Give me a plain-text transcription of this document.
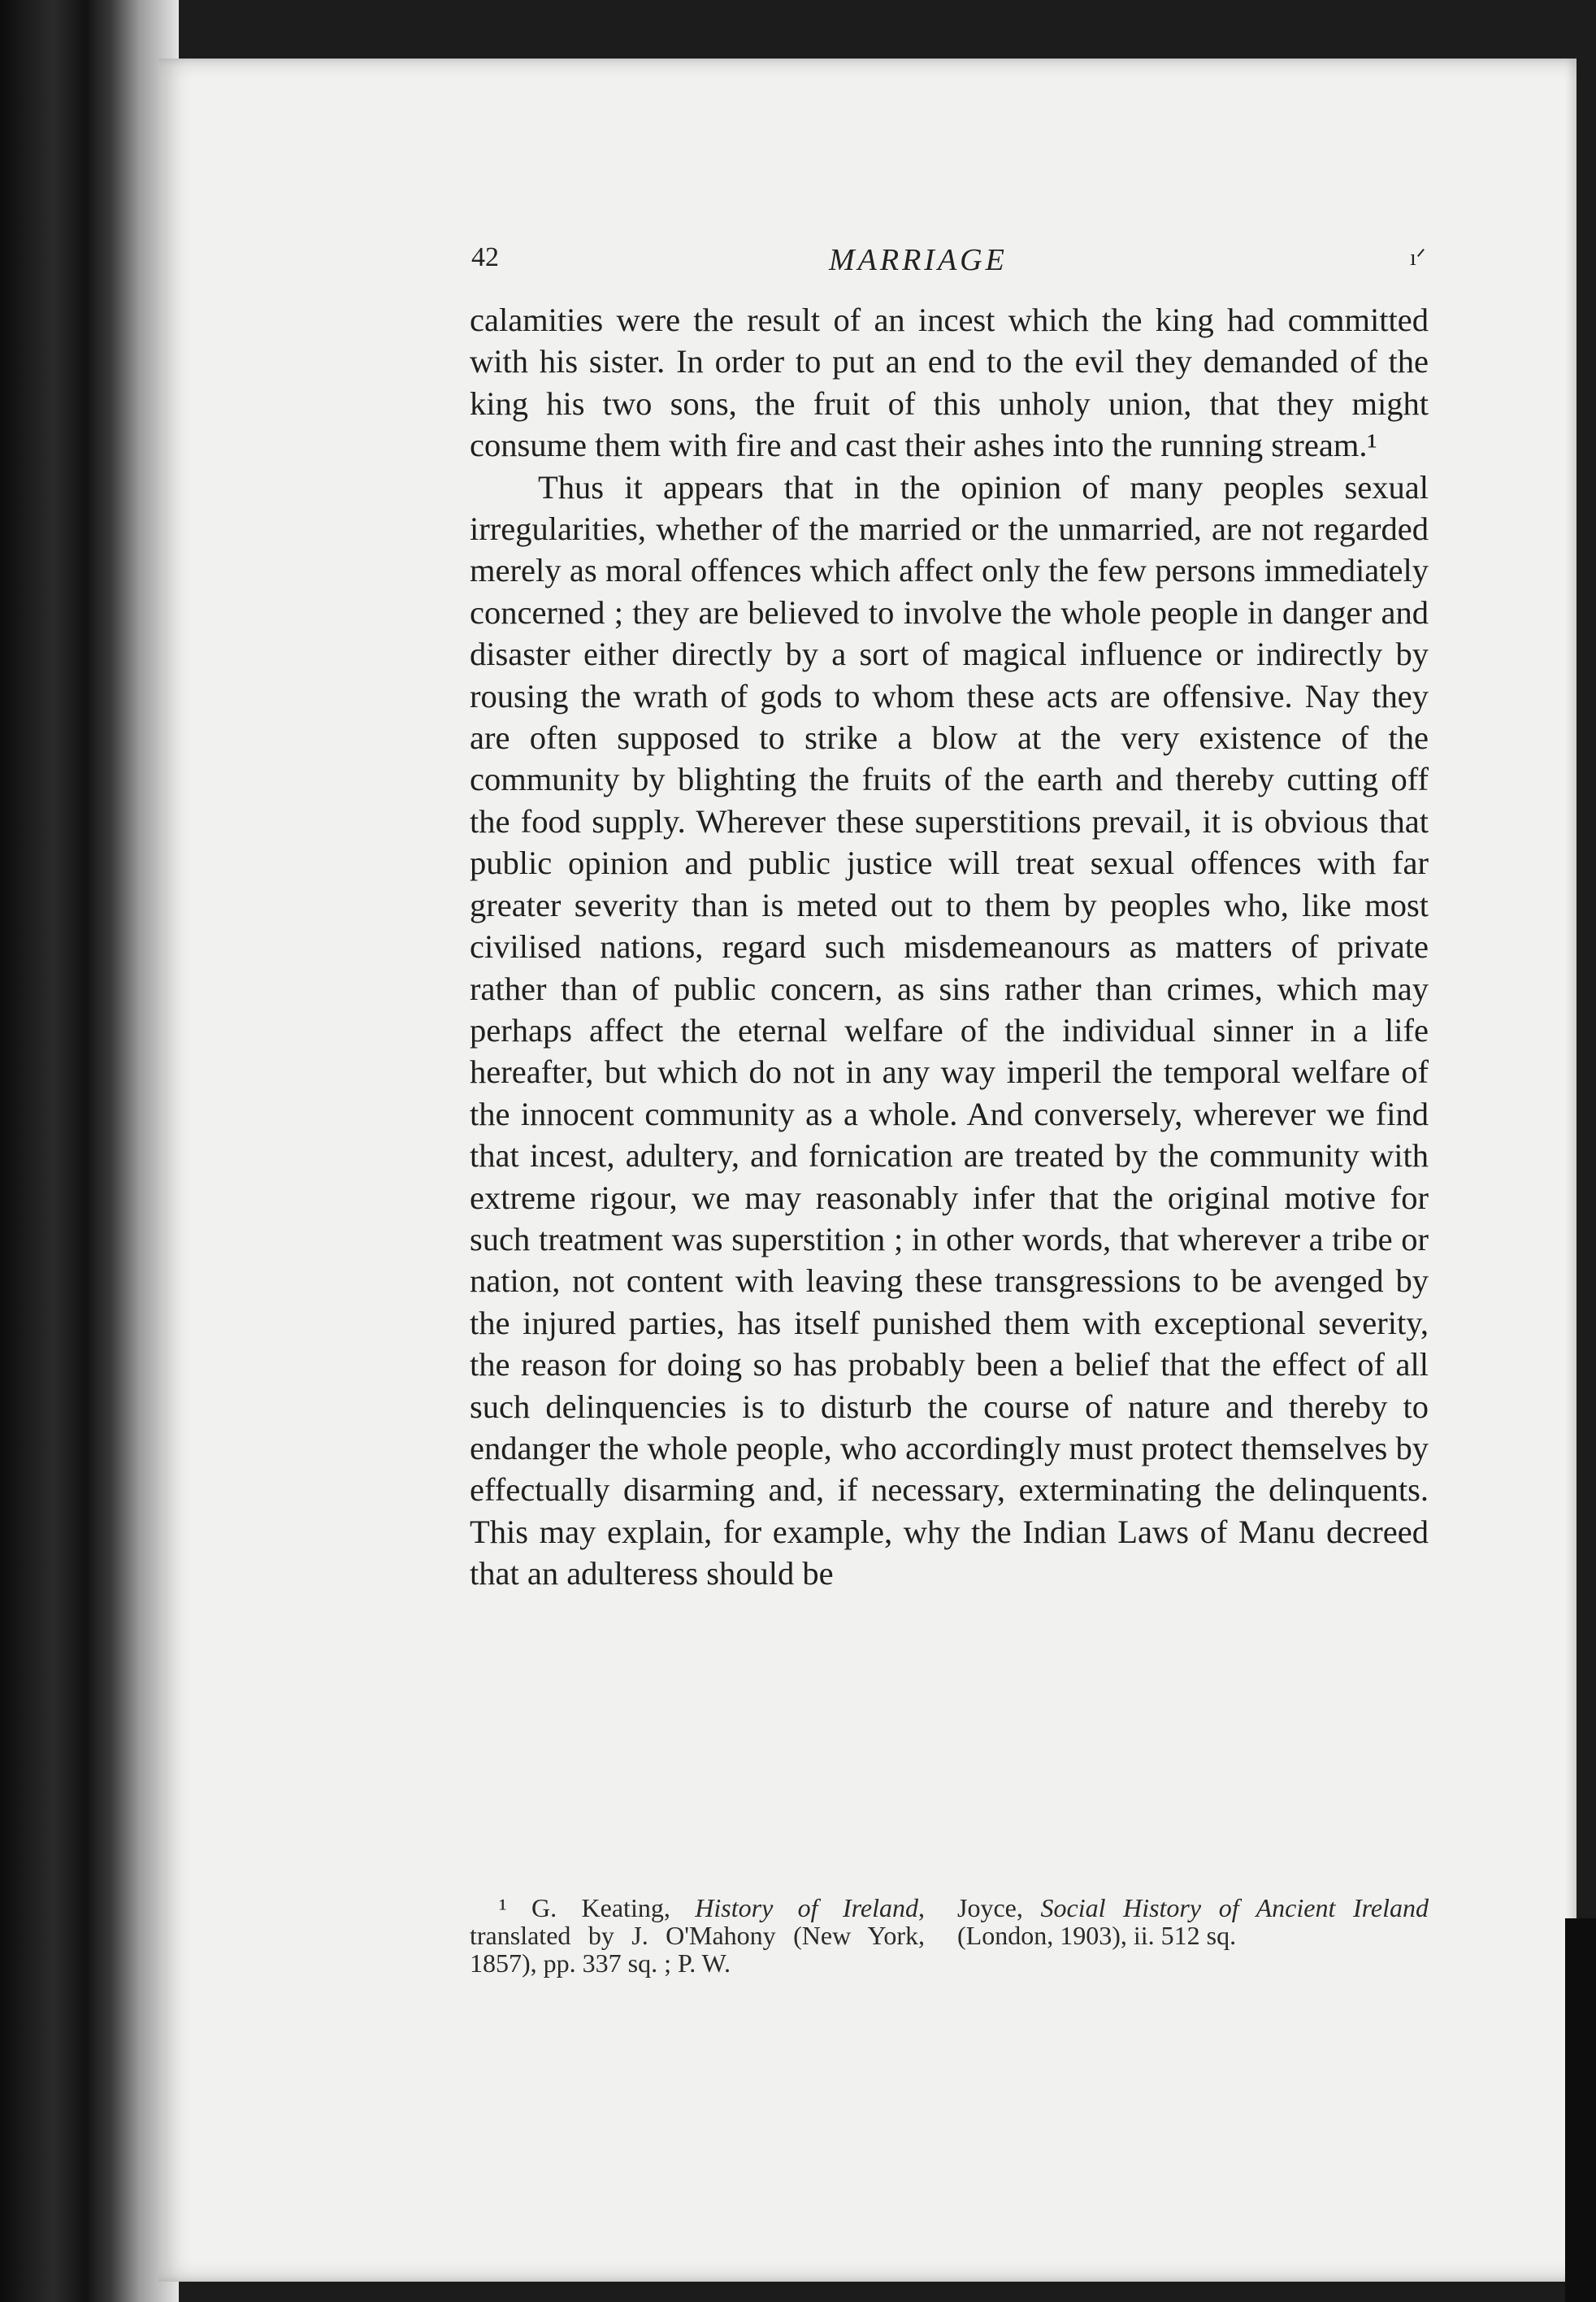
42	MARRIAGE	ıᐟ

calamities were the result of an incest which the king had committed with his sister. In order to put an end to the evil they demanded of the king his two sons, the fruit of this unholy union, that they might consume them with fire and cast their ashes into the running stream.¹

Thus it appears that in the opinion of many peoples sexual irregularities, whether of the married or the unmarried, are not regarded merely as moral offences which affect only the few persons immediately concerned ; they are believed to involve the whole people in danger and disaster either directly by a sort of magical influence or indirectly by rousing the wrath of gods to whom these acts are offensive. Nay they are often supposed to strike a blow at the very existence of the community by blighting the fruits of the earth and thereby cutting off the food supply. Wherever these superstitions prevail, it is obvious that public opinion and public justice will treat sexual offences with far greater severity than is meted out to them by peoples who, like most civilised nations, regard such misdemeanours as matters of private rather than of public concern, as sins rather than crimes, which may perhaps affect the eternal welfare of the individual sinner in a life hereafter, but which do not in any way imperil the temporal welfare of the innocent community as a whole. And conversely, wherever we find that incest, adultery, and fornication are treated by the community with extreme rigour, we may reasonably infer that the original motive for such treatment was superstition ; in other words, that wherever a tribe or nation, not content with leaving these transgressions to be avenged by the injured parties, has itself punished them with exceptional severity, the reason for doing so has probably been a belief that the effect of all such delinquencies is to disturb the course of nature and thereby to endanger the whole people, who accordingly must protect themselves by effectually disarming and, if necessary, exterminating the delinquents. This may explain, for example, why the Indian Laws of Manu decreed that an adulteress should be

¹ G. Keating, History of Ireland, translated by J. O'Mahony (New York, 1857), pp. 337 sq. ; P. W.
Joyce, Social History of Ancient Ireland (London, 1903), ii. 512 sq.
